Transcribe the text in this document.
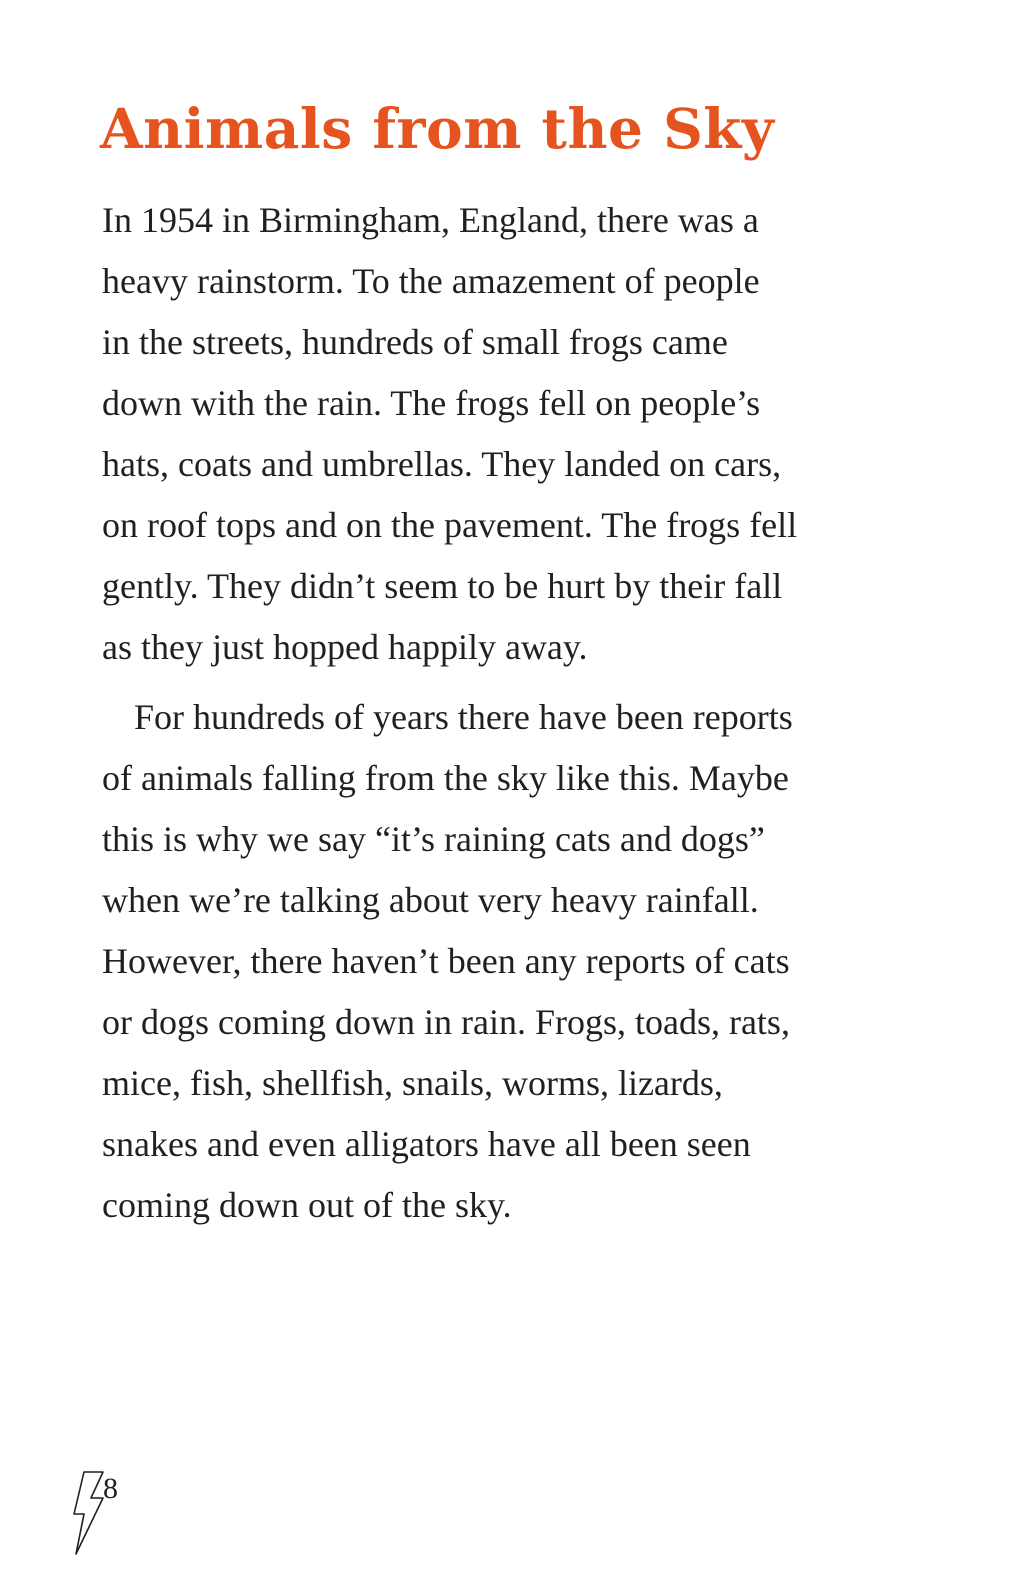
Animals from the Sky
In 1954 in Birmingham, England, there was a
heavy rainstorm. To the amazement of people
in the streets, hundreds of small frogs came
down with the rain. The frogs fell on people’s
hats, coats and umbrellas. They landed on cars,
on roof tops and on the pavement. The frogs fell
gently. They didn’t seem to be hurt by their fall
as they just hopped happily away.
For hundreds of years there have been reports
of animals falling from the sky like this. Maybe
this is why we say “it’s raining cats and dogs”
when we’re talking about very heavy rainfall.
However, there haven’t been any reports of cats
or dogs coming down in rain. Frogs, toads, rats,
mice, fish, shellfish, snails, worms, lizards,
snakes and even alligators have all been seen
coming down out of the sky.
8
